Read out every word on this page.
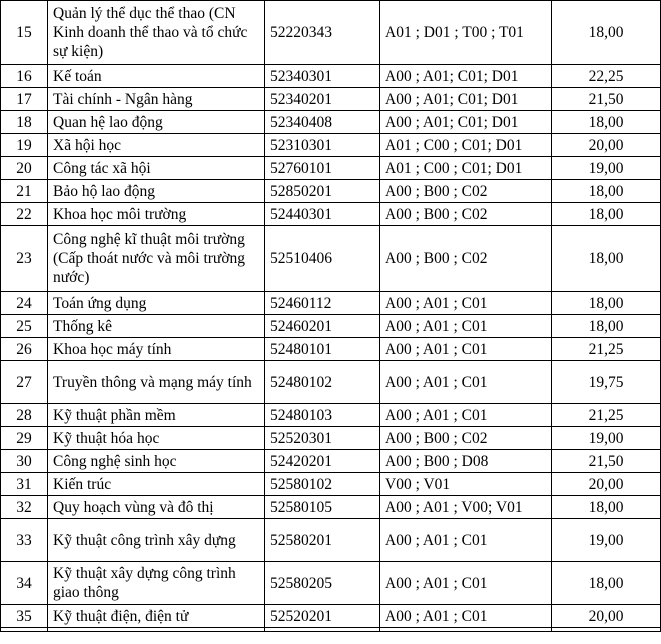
15	Quản lý thể dục thể thao (CN Kinh doanh thể thao và tổ chức sự kiện)	52220343	A01 ; D01 ; T00 ; T01	18,00
16	Kế toán	52340301	A00 ; A01; C01; D01	22,25
17	Tài chính - Ngân hàng	52340201	A00 ; A01; C01; D01	21,50
18	Quan hệ lao động	52340408	A00 ; A01; C01; D01	18,00
19	Xã hội học	52310301	A01 ; C00 ; C01; D01	20,00
20	Công tác xã hội	52760101	A01 ; C00 ; C01; D01	19,00
21	Bảo hộ lao động	52850201	A00 ; B00 ; C02	18,00
22	Khoa học môi trường	52440301	A00 ; B00 ; C02	18,00
23	Công nghệ kĩ thuật môi trường (Cấp thoát nước và môi trường nước)	52510406	A00 ; B00 ; C02	18,00
24	Toán ứng dụng	52460112	A00 ; A01 ; C01	18,00
25	Thống kê	52460201	A00 ; A01 ; C01	18,00
26	Khoa học máy tính	52480101	A00 ; A01 ; C01	21,25
27	Truyền thông và mạng máy tính	52480102	A00 ; A01 ; C01	19,75
28	Kỹ thuật phần mềm	52480103	A00 ; A01 ; C01	21,25
29	Kỹ thuật hóa học	52520301	A00 ; B00 ; C02	19,00
30	Công nghệ sinh học	52420201	A00 ; B00 ; D08	21,50
31	Kiến trúc	52580102	V00 ; V01	20,00
32	Quy hoạch vùng và đô thị	52580105	A00 ; A01 ; V00; V01	18,00
33	Kỹ thuật công trình xây dựng	52580201	A00 ; A01 ; C01	19,00
34	Kỹ thuật xây dựng công trình giao thông	52580205	A00 ; A01 ; C01	18,00
35	Kỹ thuật điện, điện tử	52520201	A00 ; A01 ; C01	20,00
